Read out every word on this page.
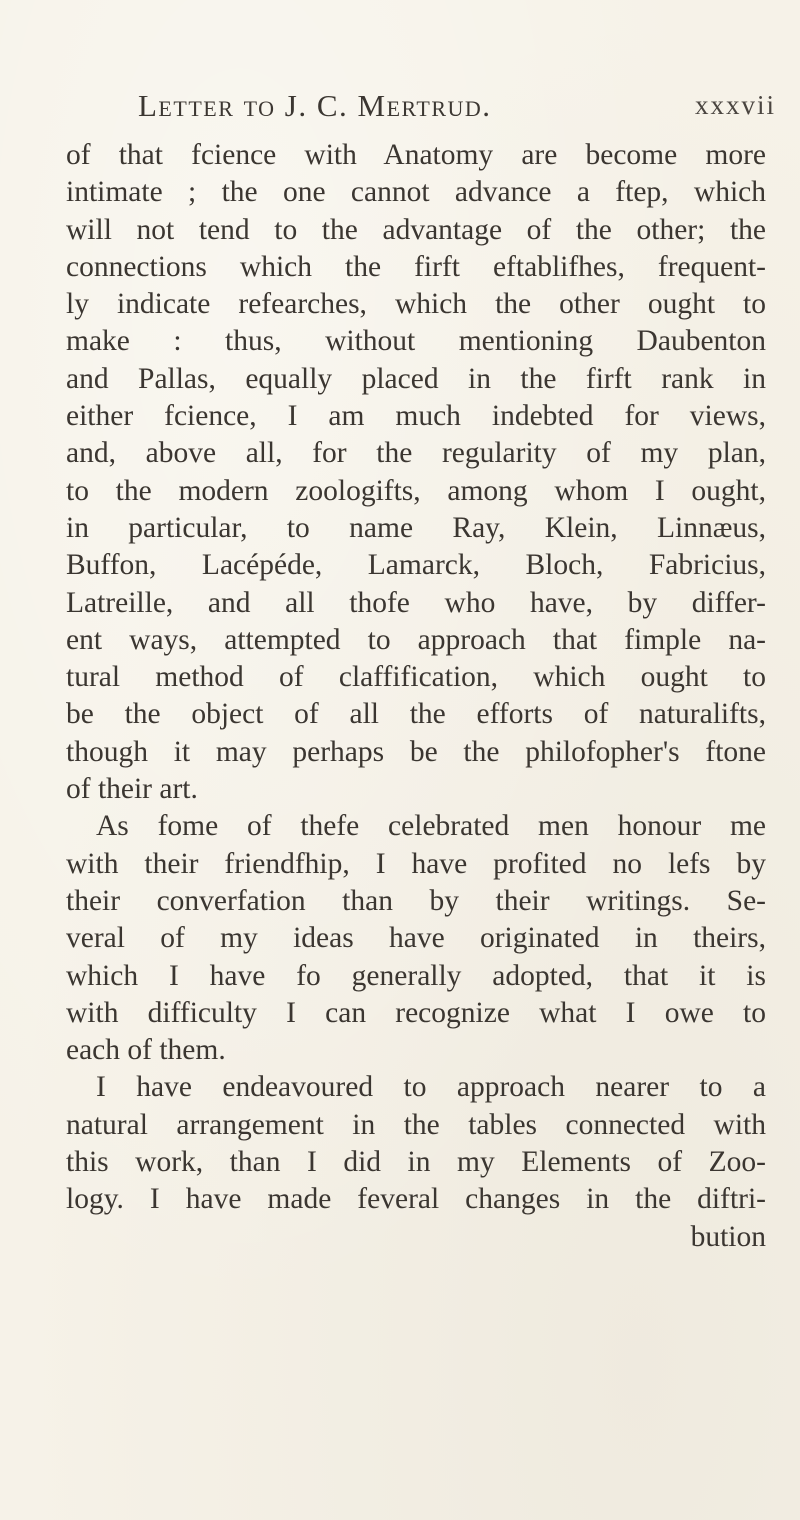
Letter to J. C. Mertrud.	xxxvii
of that fcience with Anatomy are become more
intimate ; the one cannot advance a ftep, which
will not tend to the advantage of the other; the
connections which the firft eftablifhes, frequent-
ly indicate refearches, which the other ought to
make : thus, without mentioning Daubenton
and Pallas, equally placed in the firft rank in
either fcience, I am much indebted for views,
and, above all, for the regularity of my plan,
to the modern zoologifts, among whom I ought,
in particular, to name Ray, Klein, Linnæus,
Buffon, Lacépéde, Lamarck, Bloch, Fabricius,
Latreille, and all thofe who have, by differ-
ent ways, attempted to approach that fimple na-
tural method of claffification, which ought to
be the object of all the efforts of naturalifts,
though it may perhaps be the philofopher's ftone
of their art.
As fome of thefe celebrated men honour me
with their friendfhip, I have profited no lefs by
their converfation than by their writings. Se-
veral of my ideas have originated in theirs,
which I have fo generally adopted, that it is
with difficulty I can recognize what I owe to
each of them.
I have endeavoured to approach nearer to a
natural arrangement in the tables connected with
this work, than I did in my Elements of Zoo-
logy. I have made feveral changes in the diftri-
bution
